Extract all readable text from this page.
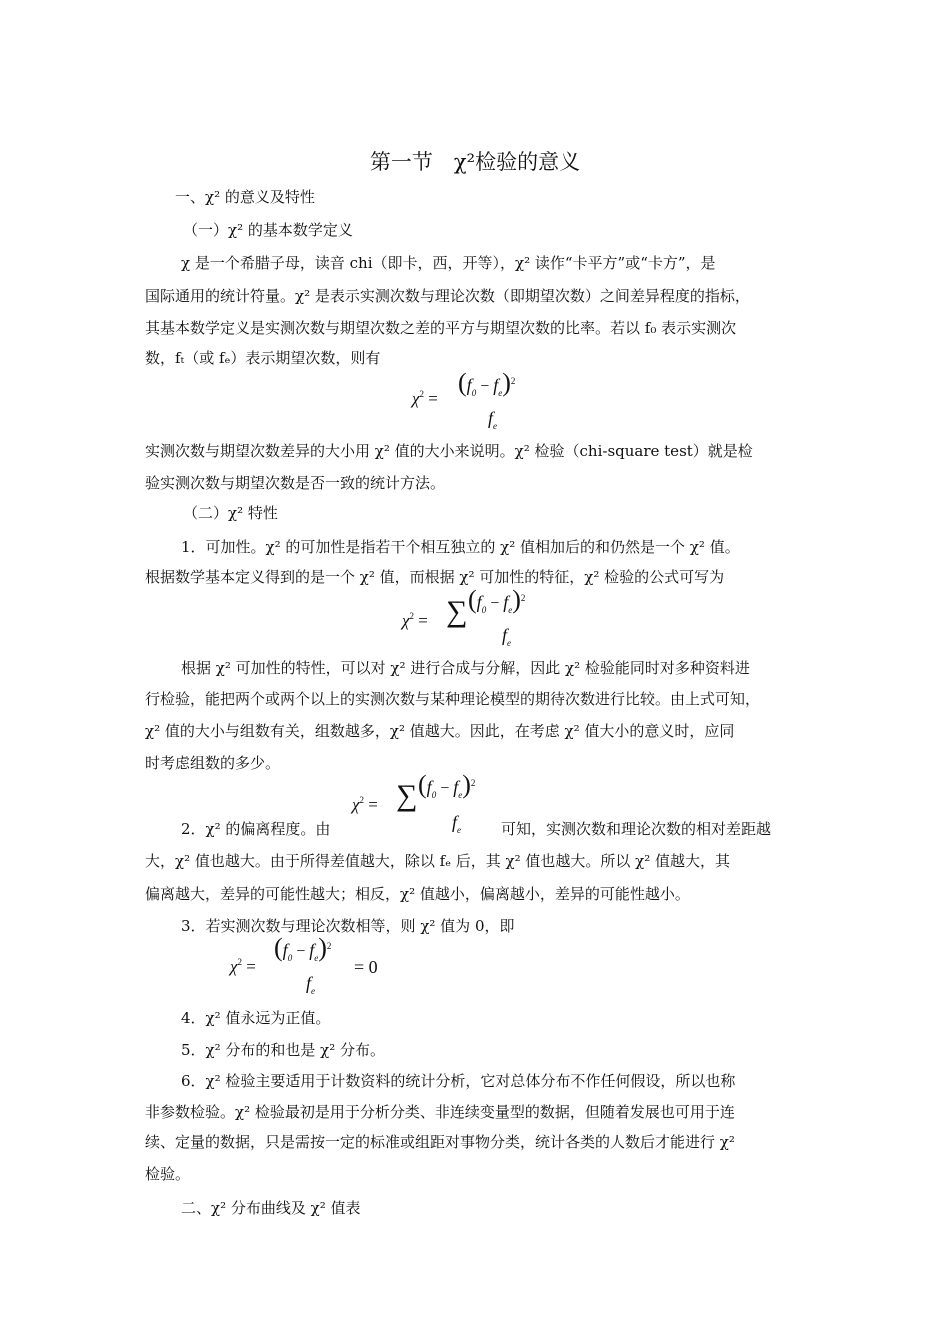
第一节　χ²检验的意义
一、χ² 的意义及特性
（一）χ² 的基本数学定义
χ 是一个希腊子母，读音 chi（即卡，西，开等），χ² 读作“卡平方”或“卡方”，是
国际通用的统计符量。χ² 是表示实测次数与理论次数（即期望次数）之间差异程度的指标，
其基本数学定义是实测次数与期望次数之差的平方与期望次数的比率。若以 f₀ 表示实测次
数，fₜ（或 fₑ）表示期望次数，则有
$\chi^2$ =
$(f_0 - f_e)^2$
$f_e$
实测次数与期望次数差异的大小用 χ² 值的大小来说明。χ² 检验（chi-square test）就是检
验实测次数与期望次数是否一致的统计方法。
（二）χ² 特性
1．可加性。χ² 的可加性是指若干个相互独立的 χ² 值相加后的和仍然是一个 χ² 值。
根据数学基本定义得到的是一个 χ² 值，而根据 χ² 可加性的特征，χ² 检验的公式可写为
$\chi^2$ = ∑ $(f_0 - f_e)^2$
$f_e$
根据 χ² 可加性的特性，可以对 χ² 进行合成与分解，因此 χ² 检验能同时对多种资料进
行检验，能把两个或两个以上的实测次数与某种理论模型的期待次数进行比较。由上式可知，
χ² 值的大小与组数有关，组数越多，χ² 值越大。因此，在考虑 χ² 值大小的意义时，应同
时考虑组数的多少。
$\chi^2$ = ∑ $(f_0 - f_e)^2$
$f_e$
2．χ² 的偏离程度。由	可知，实测次数和理论次数的相对差距越
大，χ² 值也越大。由于所得差值越大，除以 fₑ 后，其 χ² 值也越大。所以 χ² 值越大，其
偏离越大，差异的可能性越大；相反，χ² 值越小，偏离越小，差异的可能性越小。
3．若实测次数与理论次数相等，则 χ² 值为 0，即
$\chi^2$ =
$(f_0 - f_e)^2$
$f_e$
= 0
4．χ² 值永远为正值。
5．χ² 分布的和也是 χ² 分布。
6．χ² 检验主要适用于计数资料的统计分析，它对总体分布不作任何假设，所以也称
非参数检验。χ² 检验最初是用于分析分类、非连续变量型的数据，但随着发展也可用于连
续、定量的数据，只是需按一定的标准或组距对事物分类，统计各类的人数后才能进行 χ²
检验。
二、χ² 分布曲线及 χ² 值表
